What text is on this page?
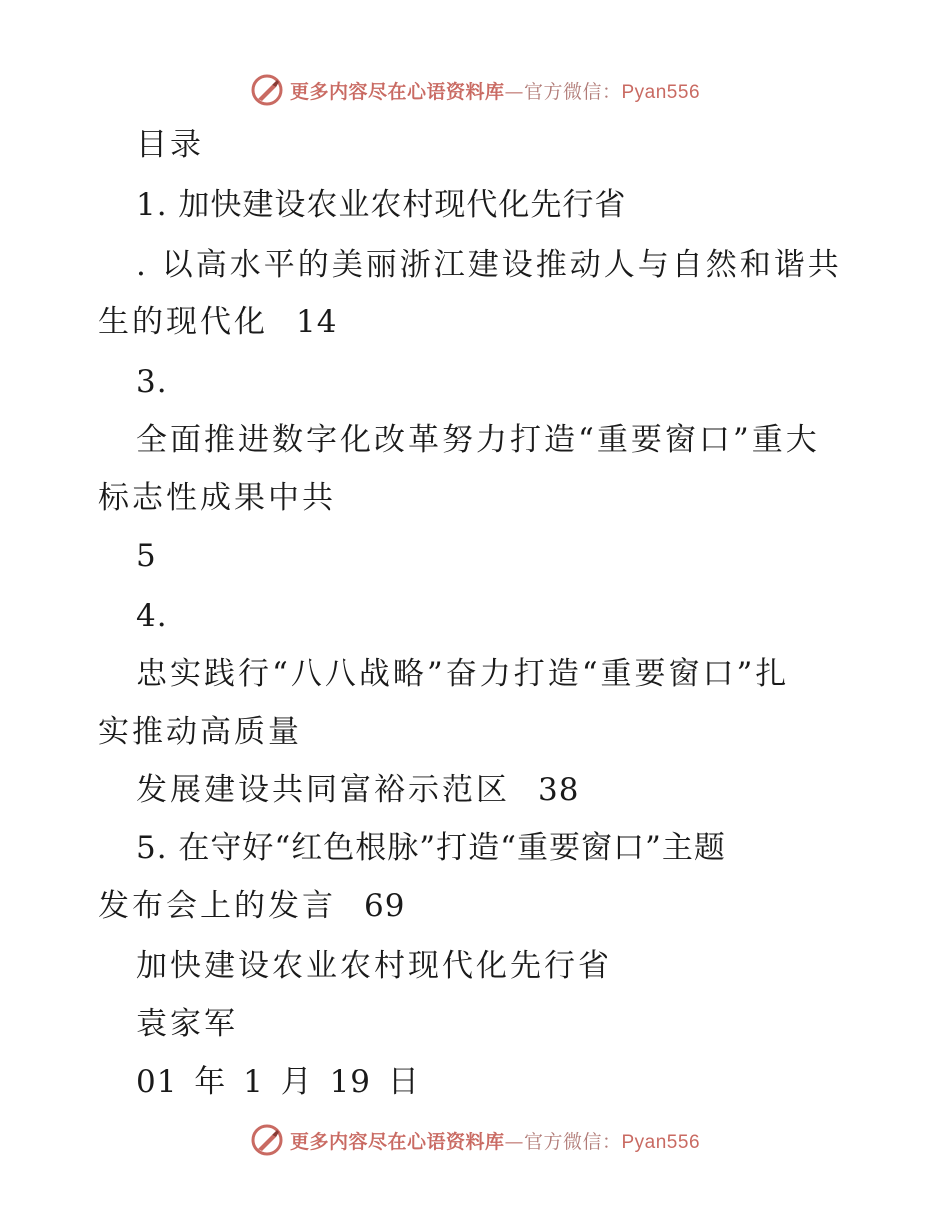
更多内容尽在心语资料库—官方微信：Pyan556
目录
1. 加快建设农业农村现代化先行省
. 以高水平的美丽浙江建设推动人与自然和谐共
生的现代化 14
3.
全面推进数字化改革努力打造“重要窗口”重大
标志性成果中共
5
4.
忠实践行“八八战略”奋力打造“重要窗口”扎
实推动高质量
发展建设共同富裕示范区 38
5. 在守好“红色根脉”打造“重要窗口”主题
发布会上的发言 69
加快建设农业农村现代化先行省
袁家军
01 年 1 月 19 日
更多内容尽在心语资料库—官方微信：Pyan556
